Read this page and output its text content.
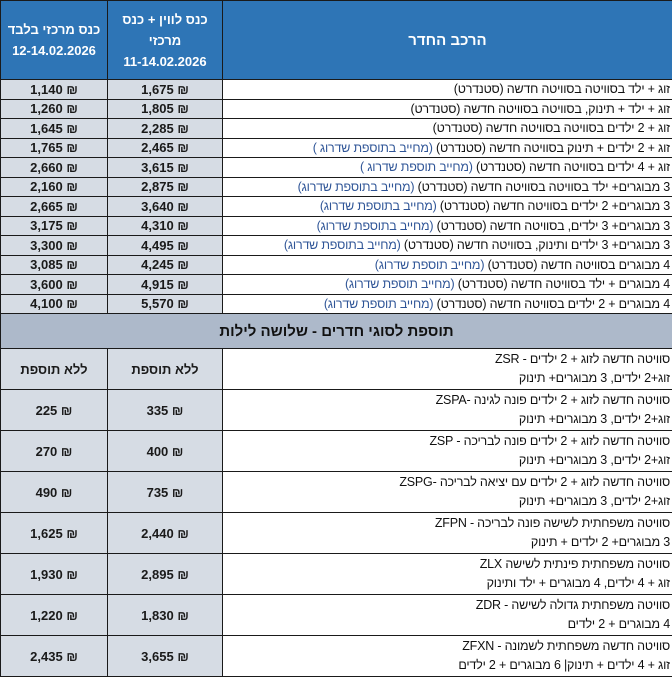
כנס מרכזי בלבד
12-14.02.2026

כנס לווין + כנס
מרכזי
11-14.02.2026
	הרכב החדר
₪ 1,140	₪ 1,675	זוג + ילד בסוויטה בסוויטה חדשה (סטנדרט)
₪ 1,260	₪ 1,805	זוג + ילד + תינוק, בסוויטה בסוויטה חדשה (סטנדרט)
₪ 1,645	₪ 2,285	זוג + 2 ילדים בסוויטה בסוויטה חדשה (סטנדרט)
₪ 1,765	₪ 2,465	זוג + 2 ילדים + תינוק בסוויטה חדשה (סטנדרט) (מחייב בתוספת שדרוג )
₪ 2,660	₪ 3,615	זוג + 4 ילדים בסוויטה חדשה (סטנדרט) (מחייב תוספת שדרוג )
₪ 2,160	₪ 2,875	3 מבוגרים+ ילד בסוויטה בסוויטה חדשה (סטנדרט) (מחייב בתוספת שדרוג)
₪ 2,665	₪ 3,640	3 מבוגרים+ 2 ילדים בסוויטה חדשה (סטנדרט) (מחייב בתוספת שדרוג)
₪ 3,175	₪ 4,310	3 מבוגרים+ 3 ילדים, בסוויטה חדשה (סטנדרט) (מחייב בתוספת שדרוג)
₪ 3,300	₪ 4,495	3 מבוגרים+ 3 ילדים ותינוק, בסוויטה חדשה (סטנדרט) (מחייב בתוספת שדרוג)
₪ 3,085	₪ 4,245	4 מבוגרים בסוויטה חדשה (סטנדרט) (מחייב תוספת שדרוג)
₪ 3,600	₪ 4,915	4 מבוגרים + ילד בסוויטה חדשה (סטנדרט) (מחייב תוספת שדרוג)
₪ 4,100	₪ 5,570	4 מבוגרים + 2 ילדים בסוויטה חדשה (סטנדרט) (מחייב תוספת שדרוג)
תוספת לסוגי חדרים - שלושה לילות		
ללא תוספת	ללא תוספת	סוויטה חדשה לזוג + 2 ילדים - ZSR
זוג+2 ילדים, 3 מבוגרים+ תינוק

₪ 225	₪ 335	סוויטה חדשה לזוג + 2 ילדים פונה לגינה -ZSPA
זוג+2 ילדים, 3 מבוגרים+ תינוק

₪ 270	₪ 400	סוויטה חדשה לזוג + 2 ילדים פונה לבריכה - ZSP
זוג+2 ילדים, 3 מבוגרים+ תינוק

₪ 490	₪ 735	סוויטה חדשה לזוג + 2 ילדים עם יציאה לבריכה -ZSPG
זוג+2 ילדים, 3 מבוגרים+ תינוק

₪ 1,625	₪ 2,440	סוויטה משפחתית לשישה פונה לבריכה - ZFPN
3 מבוגרים+ 2 ילדים + תינוק

₪ 1,930	₪ 2,895	סוויטה משפחתית פינתית לשישה ZLX
זוג + 4 ילדים, 4 מבוגרים + ילד ותינוק

₪ 1,220	₪ 1,830	סוויטה משפחתית גדולה לשישה - ZDR
4 מבוגרים + 2 ילדים

₪ 2,435	₪ 3,655	סוויטה חדשה משפחתית לשמונה - ZFXN
זוג + 4 ילדים + תינוק| 6 מבוגרים + 2 ילדים
